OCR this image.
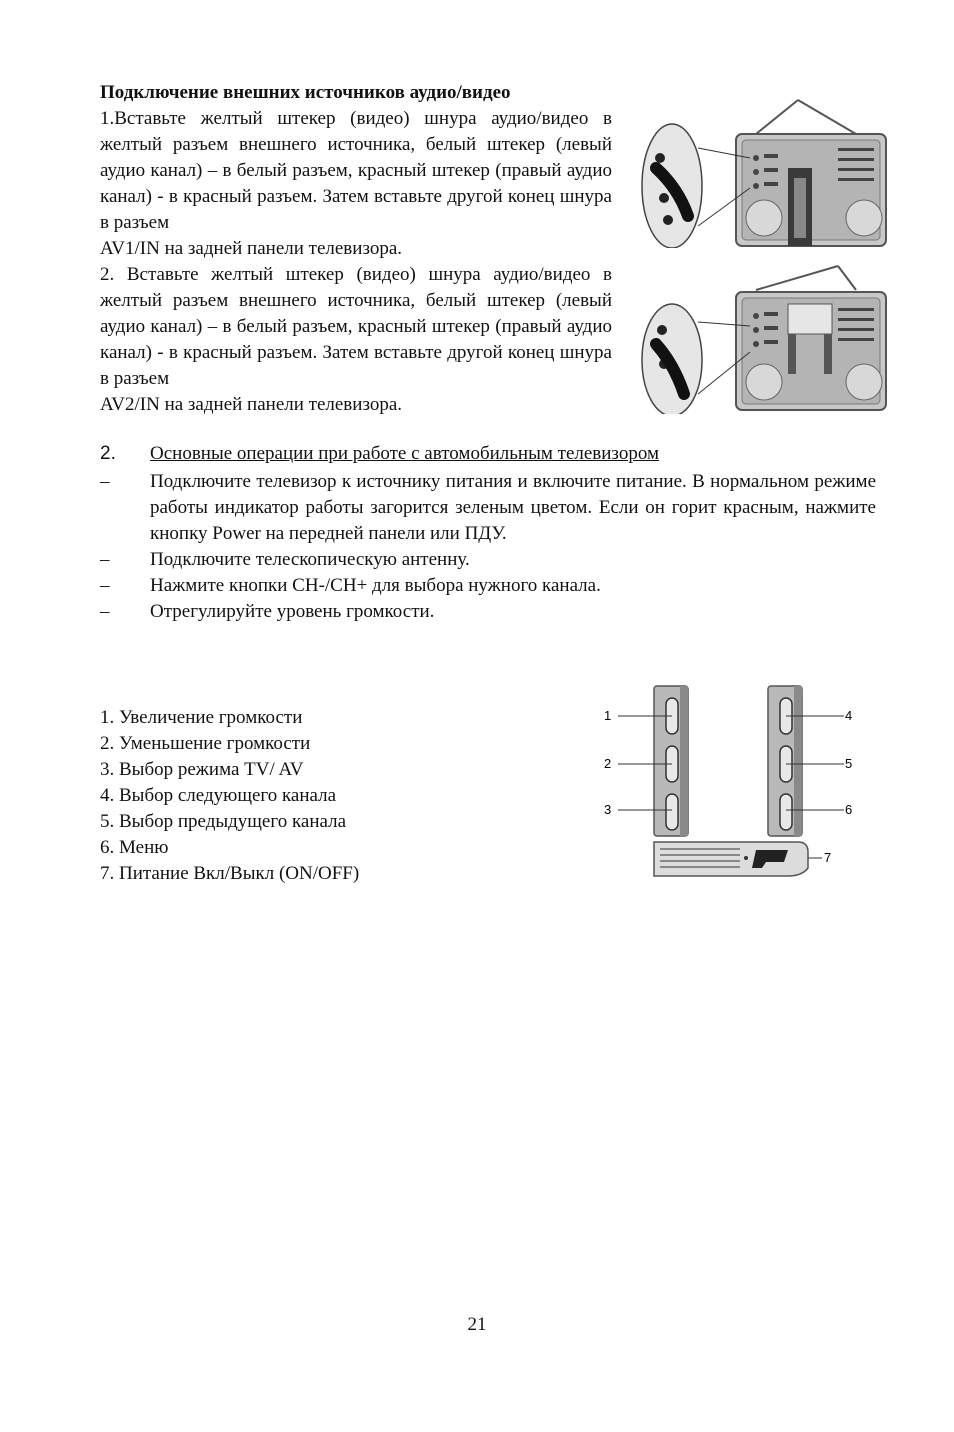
Подключение внешних источников аудио/видео

1.Вставьте желтый штекер (видео) шнура аудио/видео в желтый разъем внешнего источника, белый штекер (левый аудио канал) – в белый разъем, красный штекер (правый аудио канал) - в красный разъем. Затем вставьте другой конец шнура в разъем
AV1/IN на задней панели телевизора.

2. Вставьте желтый штекер (видео) шнура аудио/видео в желтый разъем внешнего источника, белый штекер (левый аудио канал) – в белый разъем, красный штекер (правый аудио канал) - в красный разъем. Затем вставьте другой конец шнура в разъем
AV2/IN на задней панели телевизора.

2.	Основные операции при работе с автомобильным телевизором
–	Подключите телевизор к источнику питания и включите питание. В нормальном режиме работы индикатор работы загорится зеленым цветом. Если он горит красным, нажмите кнопку Power на передней панели или ПДУ.
–	Подключите телескопическую антенну.
–	Нажмите кнопки CH-/CH+ для выбора нужного канала.
–	Отрегулируйте уровень громкости.
1. Увеличение громкости
2. Уменьшение громкости
3. Выбор режима TV/ AV
4. Выбор следующего канала
5. Выбор предыдущего канала
6. Меню
7. Питание Вкл/Выкл (ON/OFF)
1
2
3
4
5
6
7
21
